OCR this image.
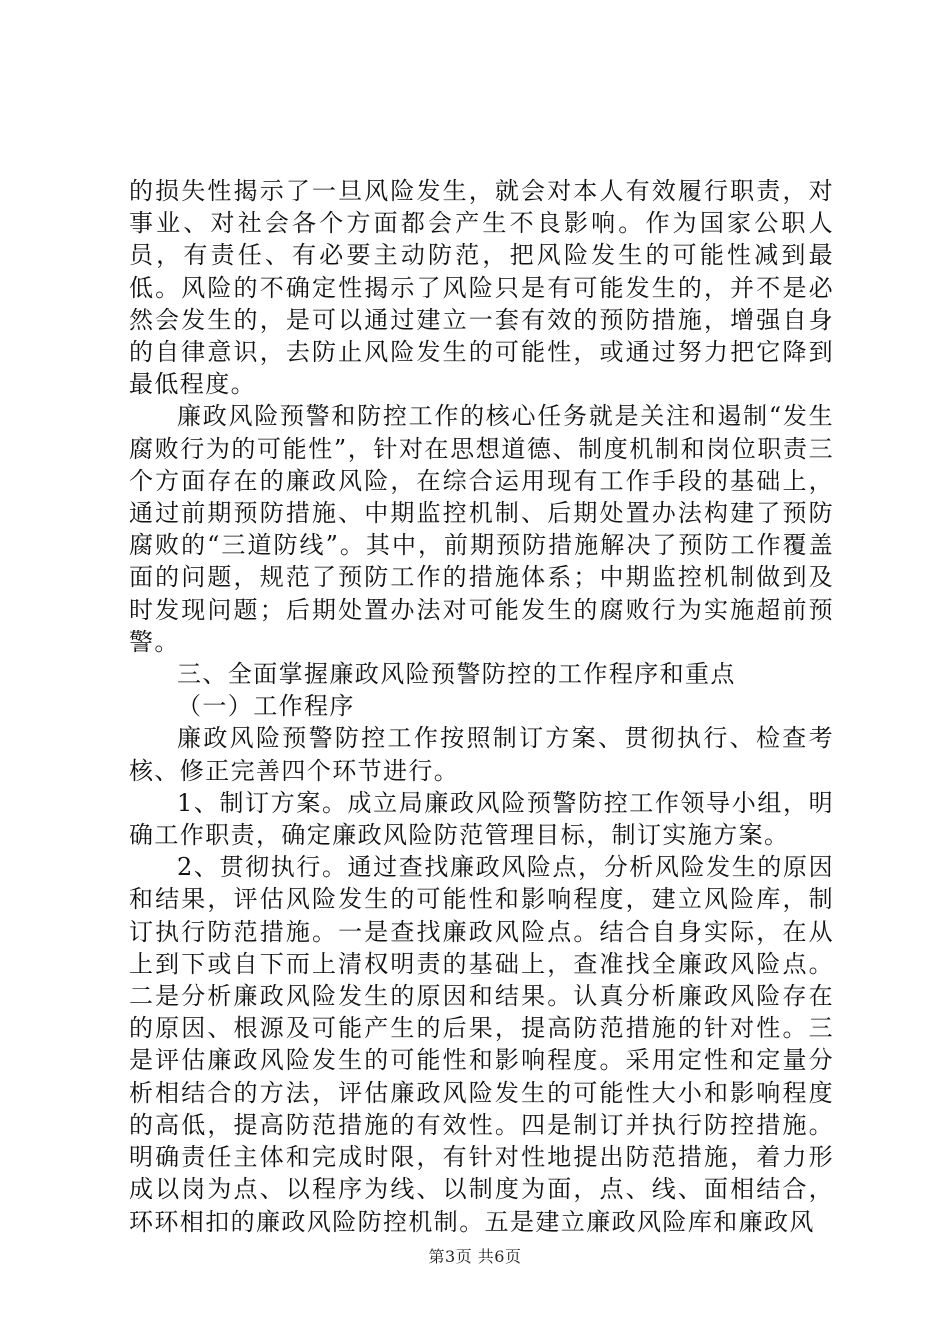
的损失性揭示了一旦风险发生，就会对本人有效履行职责，对事业、对社会各个方面都会产生不良影响。作为国家公职人员，有责任、有必要主动防范，把风险发生的可能性减到最低。风险的不确定性揭示了风险只是有可能发生的，并不是必然会发生的，是可以通过建立一套有效的预防措施，增强自身的自律意识，去防止风险发生的可能性，或通过努力把它降到最低程度。

廉政风险预警和防控工作的核心任务就是关注和遏制“发生腐败行为的可能性”，针对在思想道德、制度机制和岗位职责三个方面存在的廉政风险，在综合运用现有工作手段的基础上，通过前期预防措施、中期监控机制、后期处置办法构建了预防腐败的“三道防线”。其中，前期预防措施解决了预防工作覆盖面的问题，规范了预防工作的措施体系；中期监控机制做到及时发现问题；后期处置办法对可能发生的腐败行为实施超前预警。

三、全面掌握廉政风险预警防控的工作程序和重点

（一）工作程序

廉政风险预警防控工作按照制订方案、贯彻执行、检查考核、修正完善四个环节进行。

1、制订方案。成立局廉政风险预警防控工作领导小组，明确工作职责，确定廉政风险防范管理目标，制订实施方案。

2、贯彻执行。通过查找廉政风险点，分析风险发生的原因和结果，评估风险发生的可能性和影响程度，建立风险库，制订执行防范措施。一是查找廉政风险点。结合自身实际，在从上到下或自下而上清权明责的基础上，查准找全廉政风险点。二是分析廉政风险发生的原因和结果。认真分析廉政风险存在的原因、根源及可能产生的后果，提高防范措施的针对性。三是评估廉政风险发生的可能性和影响程度。采用定性和定量分析相结合的方法，评估廉政风险发生的可能性大小和影响程度的高低，提高防范措施的有效性。四是制订并执行防控措施。明确责任主体和完成时限，有针对性地提出防范措施，着力形成以岗为点、以程序为线、以制度为面，点、线、面相结合，环环相扣的廉政风险防控机制。五是建立廉政风险库和廉政风

第3页 共6页
